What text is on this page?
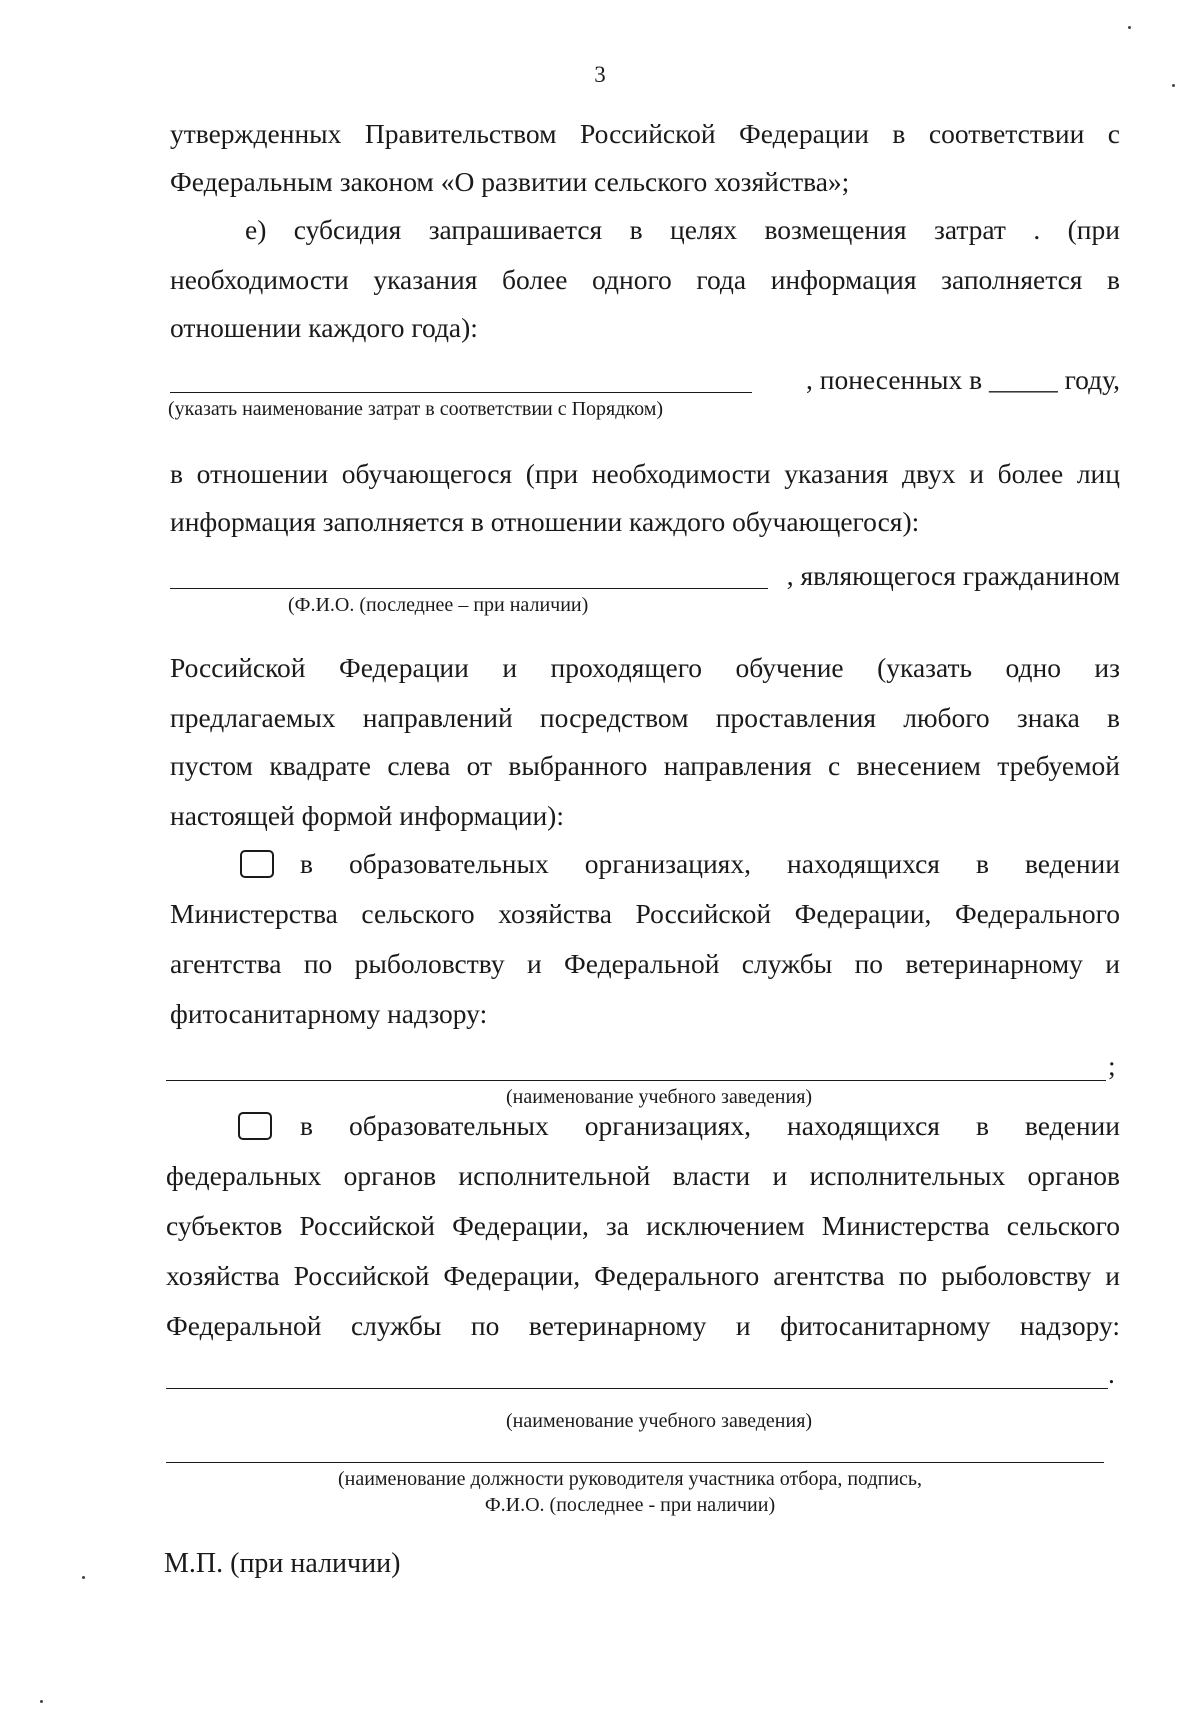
3
утвержденных Правительством Российской Федерации в соответствии с
Федеральным законом «О развитии сельского хозяйства»;
е) субсидия запрашивается в целях возмещения затрат . (при
необходимости указания более одного года информация заполняется в
отношении каждого года):
, понесенных в _____ году,
(указать наименование затрат в соответствии с Порядком)
в отношении обучающегося (при необходимости указания двух и более лиц
информация заполняется в отношении каждого обучающегося):
, являющегося гражданином
(Ф.И.О. (последнее – при наличии)
Российской Федерации и проходящего обучение (указать одно из
предлагаемых направлений посредством проставления любого знака в
пустом квадрате слева от выбранного направления с внесением требуемой
настоящей формой информации):
в образовательных организациях, находящихся в ведении
Министерства сельского хозяйства Российской Федерации, Федерального
агентства по рыболовству и Федеральной службы по ветеринарному и
фитосанитарному надзору:
;
(наименование учебного заведения)
в образовательных организациях, находящихся в ведении
федеральных органов исполнительной власти и исполнительных органов
субъектов Российской Федерации, за исключением Министерства сельского
хозяйства Российской Федерации, Федерального агентства по рыболовству и
Федеральной службы по ветеринарному и фитосанитарному надзору:
.
(наименование учебного заведения)
(наименование должности руководителя участника отбора, подпись,
Ф.И.О. (последнее - при наличии)
М.П. (при наличии)
